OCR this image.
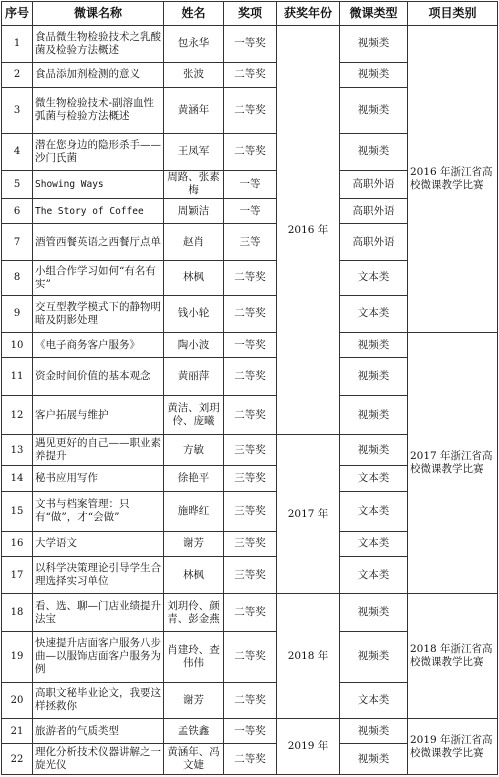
序号	微课名称	姓名	奖项	获奖年份	微课类型	项目类别
1	食品微生物检验技术之乳酸菌及检验方法概述	包永华	一等奖	2016 年	视频类	2016 年浙江省高校微课教学比赛
2	食品添加剂检测的意义	张波	二等奖		视频类	
3	微生物检验技术-副溶血性弧菌与检验方法概述	黄涵年	二等奖		视频类	
4	潜在您身边的隐形杀手——沙门氏菌	王凤军	二等奖		视频类	
5	Showing Ways	周路、张素梅	一等		高职外语	
6	The Story of Coffee	周颖洁	一等		高职外语	
7	酒管西餐英语之西餐厅点单	赵肖	三等		高职外语	
8	小组合作学习如何“有名有实”	林枫	二等奖		文本类	
9	交互型教学模式下的静物明暗及阴影处理	钱小轮	二等奖		文本类	
10	《电子商务客户服务》	陶小波	一等奖		视频类	2017 年浙江省高校微课教学比赛
11	资金时间价值的基本观念	黄丽萍	二等奖		视频类	
12	客户拓展与维护	黄洁、刘玥伶、庞曦	二等奖		视频类	
13	遇见更好的自己——职业素养提升	方敏	三等奖	2017 年	视频类	
14	秘书应用写作	徐艳平	三等奖		文本类	
15	文书与档案管理：只有“做”，才“会做”	施晔红	三等奖		文本类	
16	大学语文	谢芳	三等奖		文本类	
17	以科学决策理论引导学生合理选择实习单位	林枫	三等奖		文本类	
18	看、选、聊—门店业绩提升法宝	刘玥伶、颜青、彭金燕	二等奖	2018 年	视频类	2018 年浙江省高校微课教学比赛
19	快速提升店面客户服务八步曲—以服饰店面客户服务为例	肖建玲、查伟伟	二等奖		视频类	
20	高职文秘毕业论文，我要这样拯救你	谢芳	二等奖		文本类	
21	旅游者的气质类型	孟铁鑫	一等奖	2019 年	视频类	2019 年浙江省高校微课教学比赛
22	理化分析技术仪器讲解之一旋光仪	黄涵年、冯文婕	二等奖		视频类	
